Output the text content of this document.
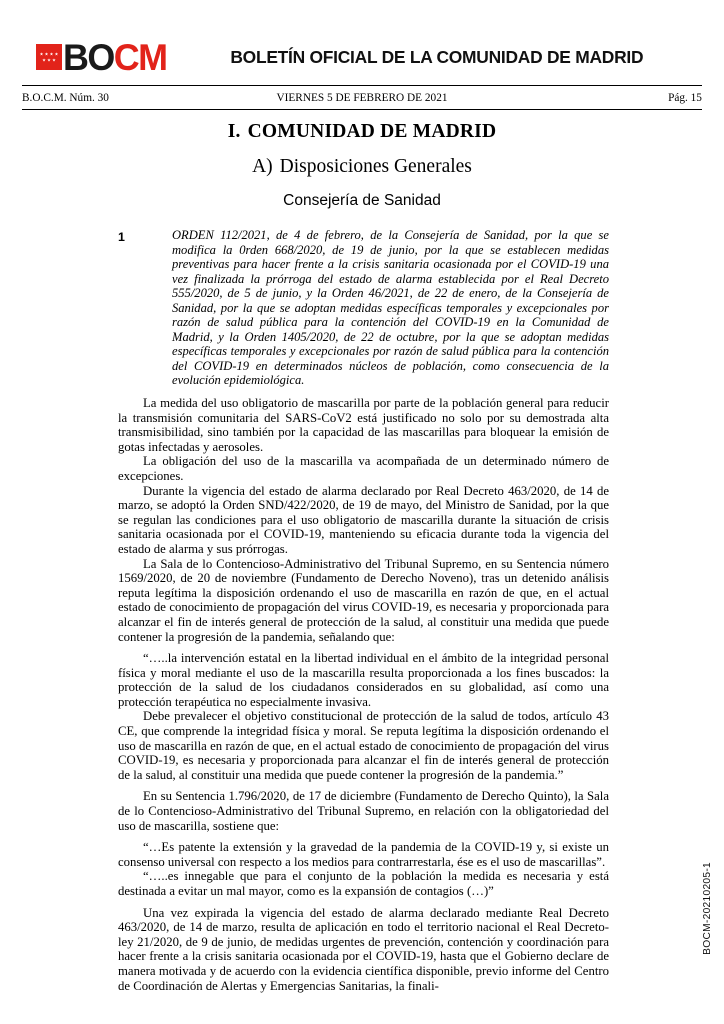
BOCM	BOLETÍN OFICIAL DE LA COMUNIDAD DE MADRID
B.O.C.M. Núm. 30	VIERNES 5 DE FEBRERO DE 2021	Pág. 15
I. COMUNIDAD DE MADRID
A) Disposiciones Generales
Consejería de Sanidad
1	ORDEN 112/2021, de 4 de febrero, de la Consejería de Sanidad, por la que se modifica la 0rden 668/2020, de 19 de junio, por la que se establecen medidas preventivas para hacer frente a la crisis sanitaria ocasionada por el COVID-19 una vez finalizada la prórroga del estado de alarma establecida por el Real Decreto 555/2020, de 5 de junio, y la Orden 46/2021, de 22 de enero, de la Consejería de Sanidad, por la que se adoptan medidas específicas temporales y excepcionales por razón de salud pública para la contención del COVID-19 en la Comunidad de Madrid, y la Orden 1405/2020, de 22 de octubre, por la que se adoptan medidas específicas temporales y excepcionales por razón de salud pública para la contención del COVID-19 en determinados núcleos de población, como consecuencia de la evolución epidemiológica.

La medida del uso obligatorio de mascarilla por parte de la población general para reducir la transmisión comunitaria del SARS-CoV2 está justificado no solo por su demostrada alta transmisibilidad, sino también por la capacidad de las mascarillas para bloquear la emisión de gotas infectadas y aerosoles.

La obligación del uso de la mascarilla va acompañada de un determinado número de excepciones.

Durante la vigencia del estado de alarma declarado por Real Decreto 463/2020, de 14 de marzo, se adoptó la Orden SND/422/2020, de 19 de mayo, del Ministro de Sanidad, por la que se regulan las condiciones para el uso obligatorio de mascarilla durante la situación de crisis sanitaria ocasionada por el COVID-19, manteniendo su eficacia durante toda la vigencia del estado de alarma y sus prórrogas.

La Sala de lo Contencioso-Administrativo del Tribunal Supremo, en su Sentencia número 1569/2020, de 20 de noviembre (Fundamento de Derecho Noveno), tras un detenido análisis reputa legítima la disposición ordenando el uso de mascarilla en razón de que, en el actual estado de conocimiento de propagación del virus COVID-19, es necesaria y proporcionada para alcanzar el fin de interés general de protección de la salud, al constituir una medida que puede contener la progresión de la pandemia, señalando que:

“…..la intervención estatal en la libertad individual en el ámbito de la integridad personal física y moral mediante el uso de la mascarilla resulta proporcionada a los fines buscados: la protección de la salud de los ciudadanos considerados en su globalidad, así como una protección terapéutica no especialmente invasiva.

Debe prevalecer el objetivo constitucional de protección de la salud de todos, artículo 43 CE, que comprende la integridad física y moral. Se reputa legítima la disposición ordenando el uso de mascarilla en razón de que, en el actual estado de conocimiento de propagación del virus COVID-19, es necesaria y proporcionada para alcanzar el fin de interés general de protección de la salud, al constituir una medida que puede contener la progresión de la pandemia.”

En su Sentencia 1.796/2020, de 17 de diciembre (Fundamento de Derecho Quinto), la Sala de lo Contencioso-Administrativo del Tribunal Supremo, en relación con la obligatoriedad del uso de mascarilla, sostiene que:

“…Es patente la extensión y la gravedad de la pandemia de la COVID-19 y, si existe un consenso universal con respecto a los medios para contrarrestarla, ése es el uso de mascarillas”.

“…..es innegable que para el conjunto de la población la medida es necesaria y está destinada a evitar un mal mayor, como es la expansión de contagios (…)”

Una vez expirada la vigencia del estado de alarma declarado mediante Real Decreto 463/2020, de 14 de marzo, resulta de aplicación en todo el territorio nacional el Real Decreto-ley 21/2020, de 9 de junio, de medidas urgentes de prevención, contención y coordinación para hacer frente a la crisis sanitaria ocasionada por el COVID-19, hasta que el Gobierno declare de manera motivada y de acuerdo con la evidencia científica disponible, previo informe del Centro de Coordinación de Alertas y Emergencias Sanitarias, la finali-

BOCM-20210205-1
